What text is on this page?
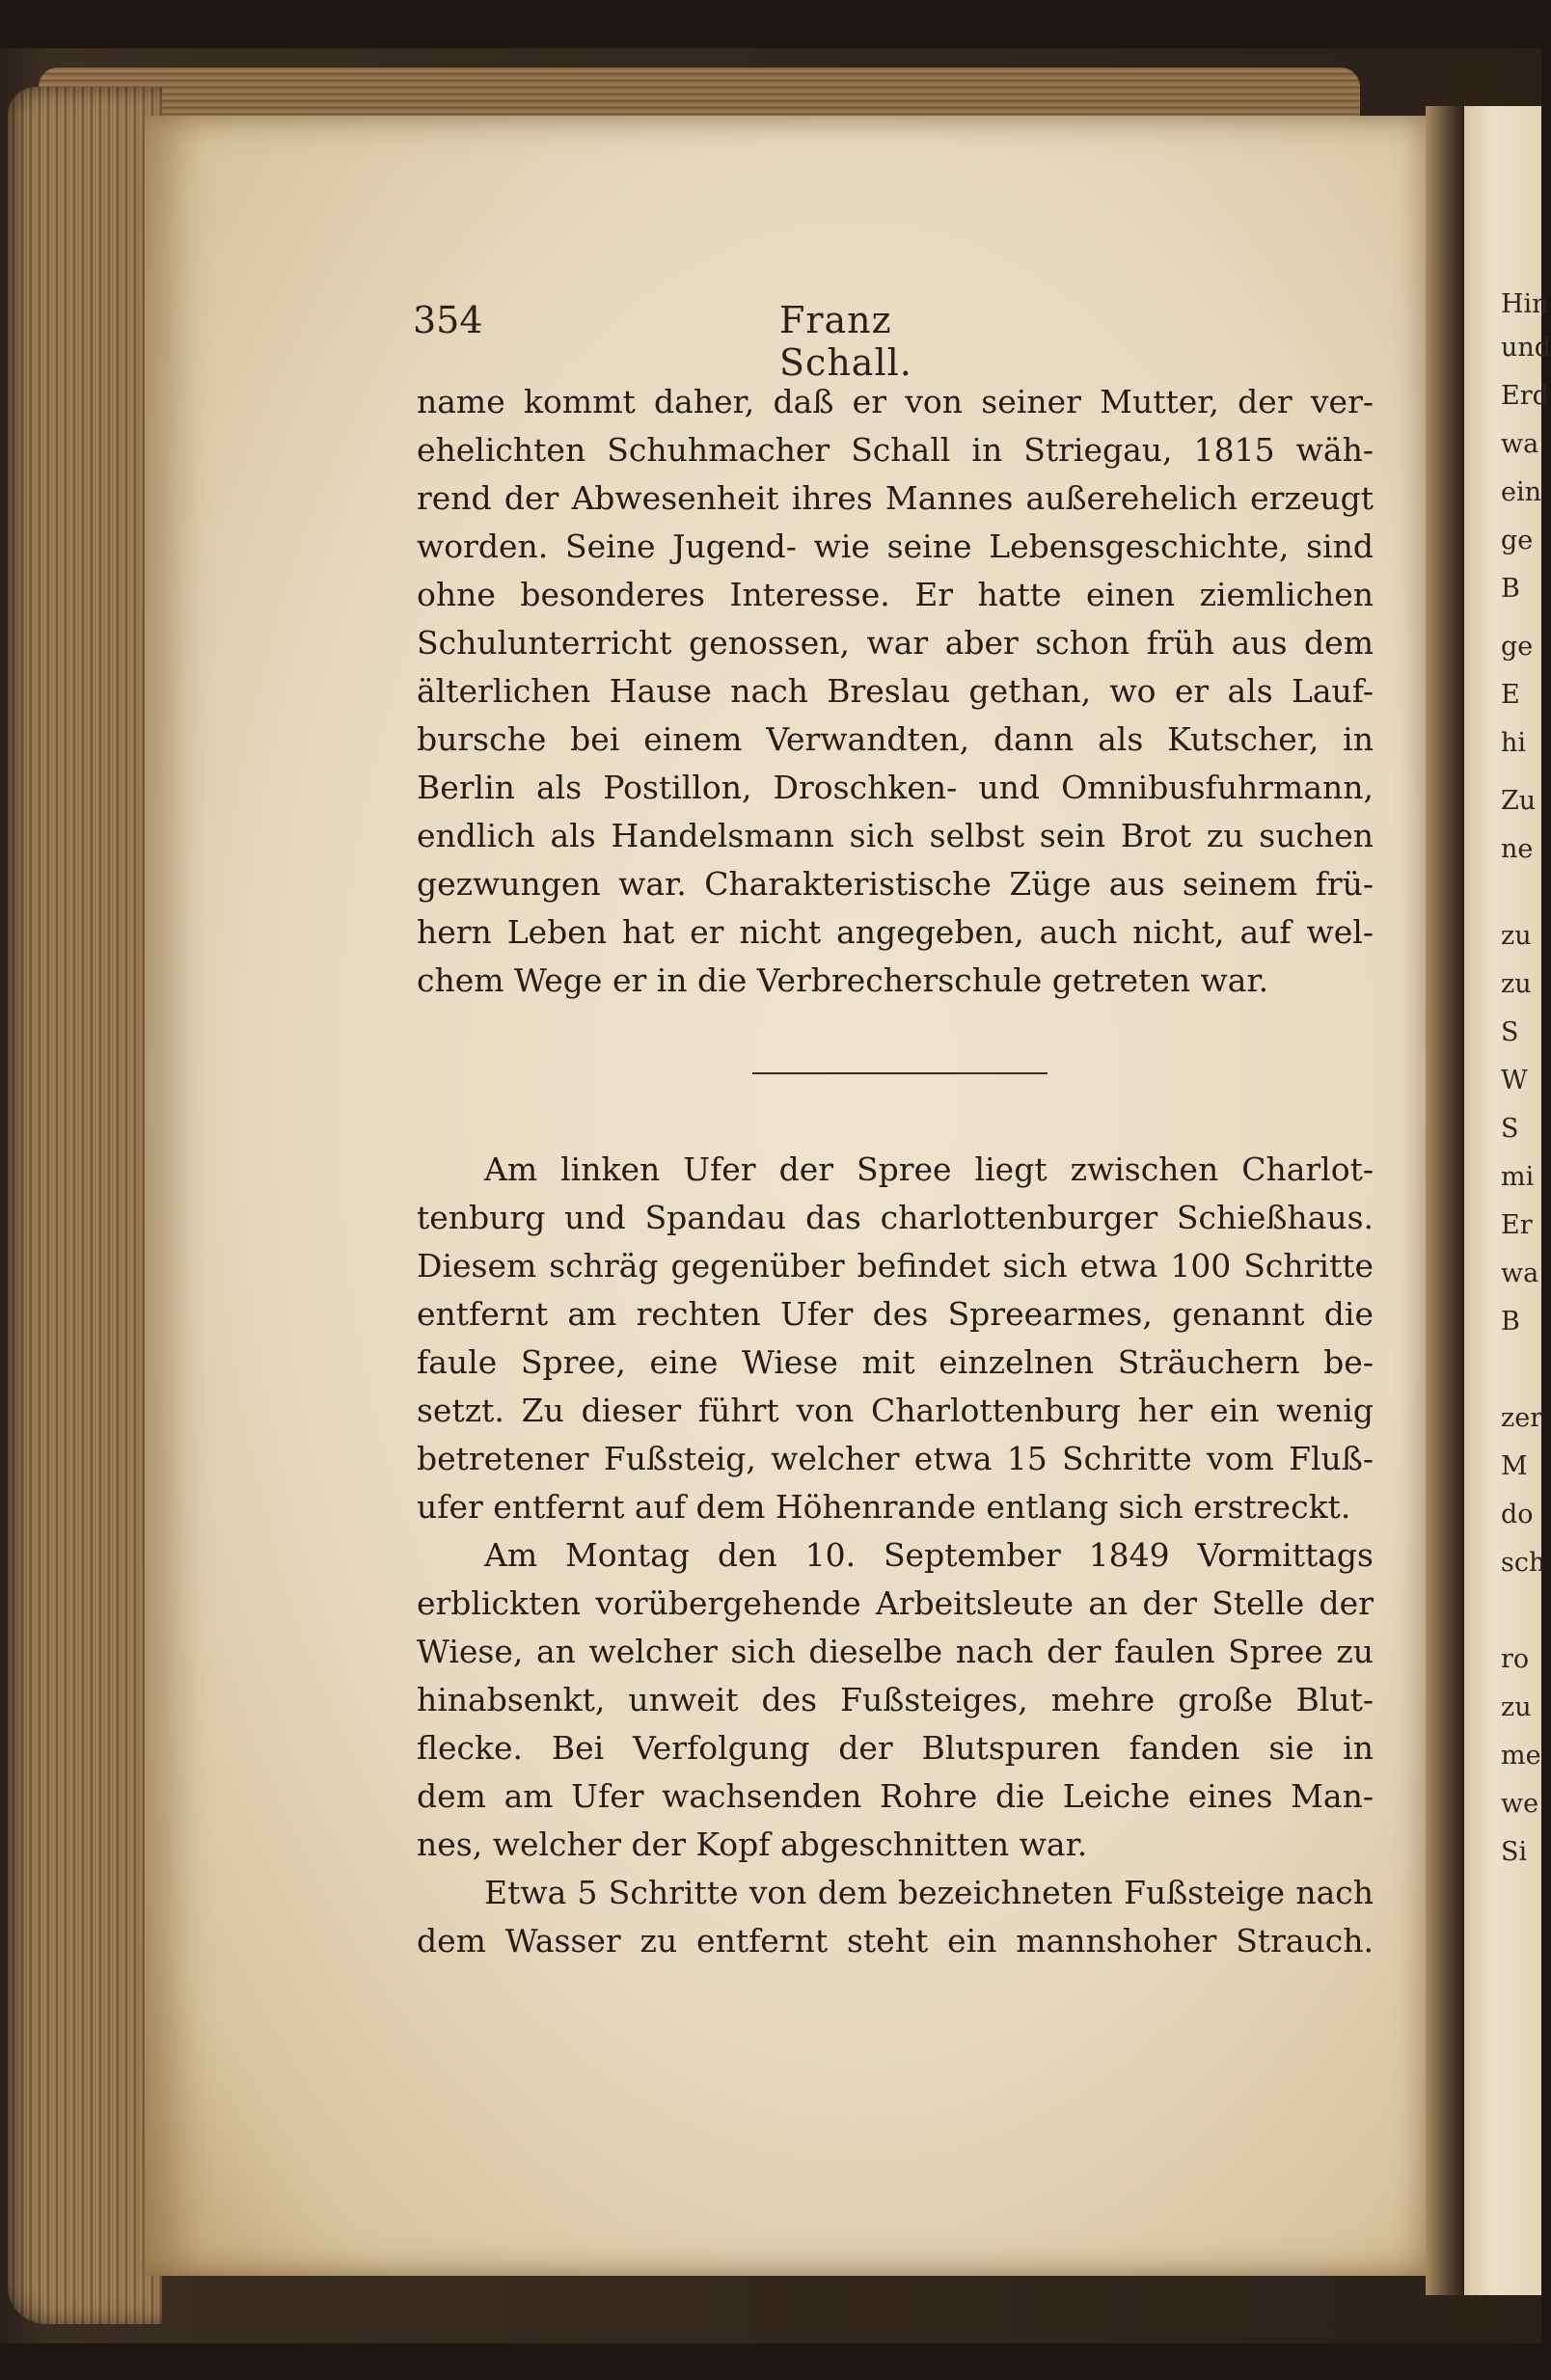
Hin
und
Erd
wa
ein
ge
B
ge
E
hi
Zu
ne
zu
zu
S
W
S
mi
Er
wa
B
zer
M
do
sch
ro
zu
me
we
Si
354	Franz Schall.
name kommt daher, daß er von seiner Mutter, der ver-
ehelichten Schuhmacher Schall in Striegau, 1815 wäh-
rend der Abwesenheit ihres Mannes außerehelich erzeugt
worden. Seine Jugend- wie seine Lebensgeschichte, sind
ohne besonderes Interesse. Er hatte einen ziemlichen
Schulunterricht genossen, war aber schon früh aus dem
älterlichen Hause nach Breslau gethan, wo er als Lauf-
bursche bei einem Verwandten, dann als Kutscher, in
Berlin als Postillon, Droschken- und Omnibusfuhrmann,
endlich als Handelsmann sich selbst sein Brot zu suchen
gezwungen war. Charakteristische Züge aus seinem frü-
hern Leben hat er nicht angegeben, auch nicht, auf wel-
chem Wege er in die Verbrecherschule getreten war.
Am linken Ufer der Spree liegt zwischen Charlot-
tenburg und Spandau das charlottenburger Schießhaus.
Diesem schräg gegenüber befindet sich etwa 100 Schritte
entfernt am rechten Ufer des Spreearmes, genannt die
faule Spree, eine Wiese mit einzelnen Sträuchern be-
setzt. Zu dieser führt von Charlottenburg her ein wenig
betretener Fußsteig, welcher etwa 15 Schritte vom Fluß-
ufer entfernt auf dem Höhenrande entlang sich erstreckt.
Am Montag den 10. September 1849 Vormittags
erblickten vorübergehende Arbeitsleute an der Stelle der
Wiese, an welcher sich dieselbe nach der faulen Spree zu
hinabsenkt, unweit des Fußsteiges, mehre große Blut-
flecke. Bei Verfolgung der Blutspuren fanden sie in
dem am Ufer wachsenden Rohre die Leiche eines Man-
nes, welcher der Kopf abgeschnitten war.
Etwa 5 Schritte von dem bezeichneten Fußsteige nach
dem Wasser zu entfernt steht ein mannshoher Strauch.
